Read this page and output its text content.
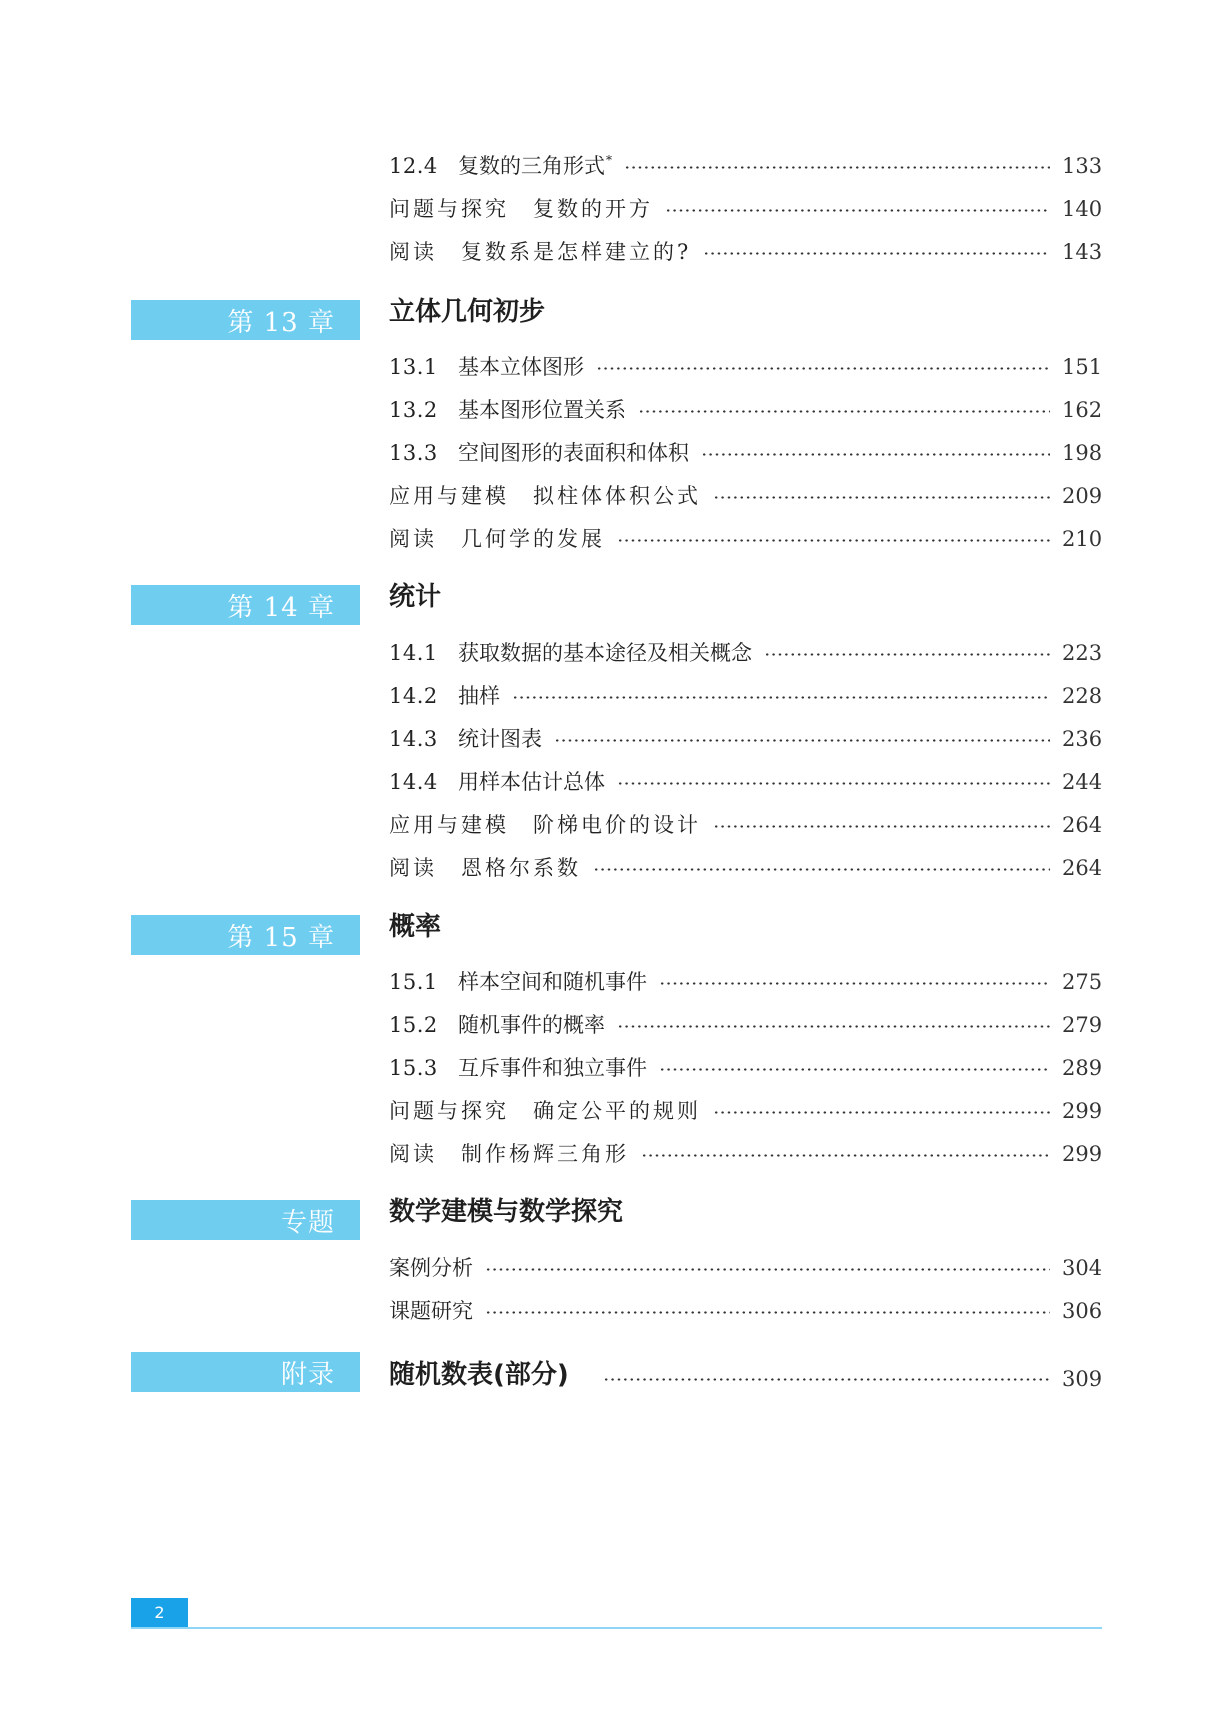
12.4 复数的三角形式*	133
问题与探究　复数的开方	140
阅读　复数系是怎样建立的?	143
第 13 章	立体几何初步
13.1 基本立体图形	151
13.2 基本图形位置关系	162
13.3 空间图形的表面积和体积	198
应用与建模　拟柱体体积公式	209
阅读　几何学的发展	210
第 14 章	统计
14.1 获取数据的基本途径及相关概念	223
14.2 抽样	228
14.3 统计图表	236
14.4 用样本估计总体	244
应用与建模　阶梯电价的设计	264
阅读　恩格尔系数	264
第 15 章	概率
15.1 样本空间和随机事件	275
15.2 随机事件的概率	279
15.3 互斥事件和独立事件	289
问题与探究　确定公平的规则	299
阅读　制作杨辉三角形	299
专题	数学建模与数学探究
案例分析	304
课题研究	306
附录	随机数表(部分)	309
2
